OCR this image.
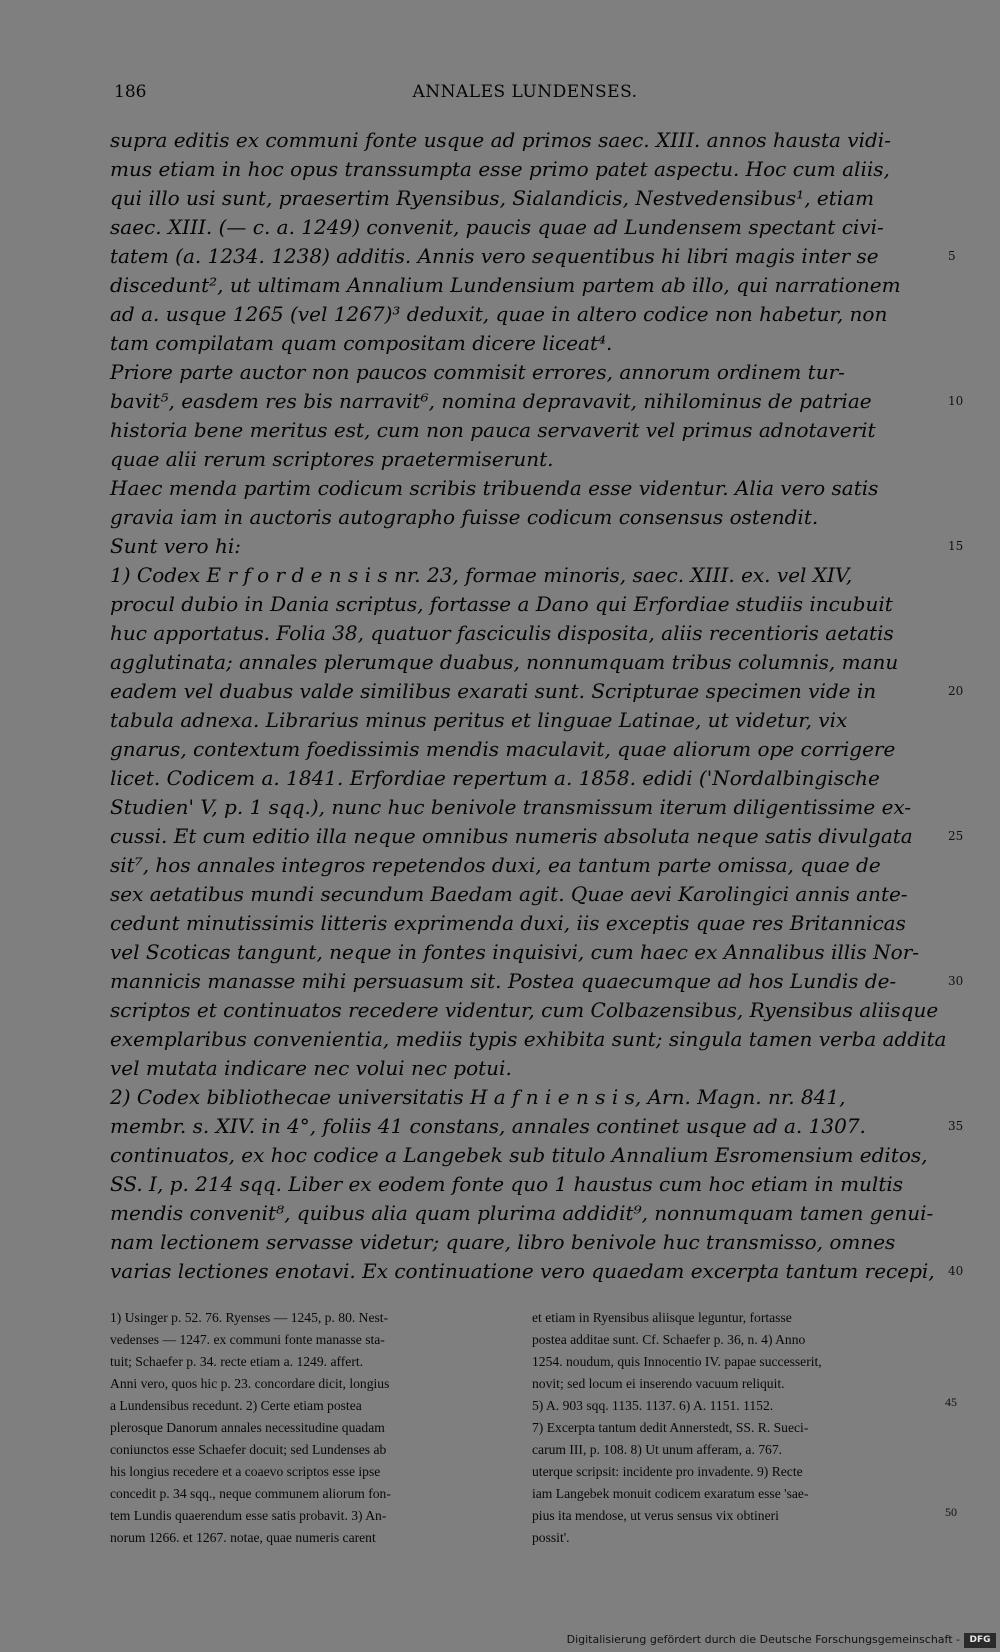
186	ANNALES LUNDENSES.
supra editis ex communi fonte usque ad primos saec. XIII. annos hausta vidi-
mus etiam in hoc opus transsumpta esse primo patet aspectu. Hoc cum aliis,
qui illo usi sunt, praesertim Ryensibus, Sialandicis, Nestvedensibus¹, etiam
saec. XIII. (— c. a. 1249) convenit, paucis quae ad Lundensem spectant civi-
tatem (a. 1234. 1238) additis. Annis vero sequentibus hi libri magis inter se	5
discedunt², ut ultimam Annalium Lundensium partem ab illo, qui narrationem
ad a. usque 1265 (vel 1267)³ deduxit, quae in altero codice non habetur, non
tam compilatam quam compositam dicere liceat⁴.
Priore parte auctor non paucos commisit errores, annorum ordinem tur-
bavit⁵, easdem res bis narravit⁶, nomina depravavit, nihilominus de patriae	10
historia bene meritus est, cum non pauca servaverit vel primus adnotaverit
quae alii rerum scriptores praetermiserunt.
Haec menda partim codicum scribis tribuenda esse videntur. Alia vero satis
gravia iam in auctoris autographo fuisse codicum consensus ostendit.
Sunt vero hi:	15
1) Codex E r f o r d e n s i s nr. 23, formae minoris, saec. XIII. ex. vel XIV,
procul dubio in Dania scriptus, fortasse a Dano qui Erfordiae studiis incubuit
huc apportatus. Folia 38, quatuor fasciculis disposita, aliis recentioris aetatis
agglutinata; annales plerumque duabus, nonnumquam tribus columnis, manu
eadem vel duabus valde similibus exarati sunt. Scripturae specimen vide in	20
tabula adnexa. Librarius minus peritus et linguae Latinae, ut videtur, vix
gnarus, contextum foedissimis mendis maculavit, quae aliorum ope corrigere
licet. Codicem a. 1841. Erfordiae repertum a. 1858. edidi ('Nordalbingische
Studien' V, p. 1 sqq.), nunc huc benivole transmissum iterum diligentissime ex-
cussi. Et cum editio illa neque omnibus numeris absoluta neque satis divulgata	25
sit⁷, hos annales integros repetendos duxi, ea tantum parte omissa, quae de
sex aetatibus mundi secundum Baedam agit. Quae aevi Karolingici annis ante-
cedunt minutissimis litteris exprimenda duxi, iis exceptis quae res Britannicas
vel Scoticas tangunt, neque in fontes inquisivi, cum haec ex Annalibus illis Nor-
mannicis manasse mihi persuasum sit. Postea quaecumque ad hos Lundis de-	30
scriptos et continuatos recedere videntur, cum Colbazensibus, Ryensibus aliisque
exemplaribus convenientia, mediis typis exhibita sunt; singula tamen verba addita
vel mutata indicare nec volui nec potui.
2) Codex bibliothecae universitatis H a f n i e n s i s, Arn. Magn. nr. 841,
membr. s. XIV. in 4°, foliis 41 constans, annales continet usque ad a. 1307.	35
continuatos, ex hoc codice a Langebek sub titulo Annalium Esromensium editos,
SS. I, p. 214 sqq. Liber ex eodem fonte quo 1 haustus cum hoc etiam in multis
mendis convenit⁸, quibus alia quam plurima addidit⁹, nonnumquam tamen genui-
nam lectionem servasse videtur; quare, libro benivole huc transmisso, omnes
varias lectiones enotavi. Ex continuatione vero quaedam excerpta tantum recepi, 40
1) Usinger p. 52. 76. Ryenses — 1245, p. 80. Nest-
vedenses — 1247. ex communi fonte manasse sta-
tuit; Schaefer p. 34. recte etiam a. 1249. affert.
Anni vero, quos hic p. 23. concordare dicit, longius
a Lundensibus recedunt. 2) Certe etiam postea
plerosque Danorum annales necessitudine quadam
coniunctos esse Schaefer docuit; sed Lundenses ab
his longius recedere et a coaevo scriptos esse ipse
concedit p. 34 sqq., neque communem aliorum fon-
tem Lundis quaerendum esse satis probavit. 3) An-
norum 1266. et 1267. notae, quae numeris carent
et etiam in Ryensibus aliisque leguntur, fortasse
postea additae sunt. Cf. Schaefer p. 36, n. 4) Anno
1254. noudum, quis Innocentio IV. papae successerit,
novit; sed locum ei inserendo vacuum reliquit.
5) A. 903 sqq. 1135. 1137. 6) A. 1151. 1152.
7) Excerpta tantum dedit Annerstedt, SS. R. Sueci-
carum III, p. 108. 8) Ut unum afferam, a. 767.
uterque scripsit: incidente pro invadente. 9) Recte
iam Langebek monuit codicem exaratum esse 'sae-
pius ita mendose, ut verus sensus vix obtineri
possit'.
45
50
Digitalisierung gefördert durch die Deutsche Forschungsgemeinschaft -	DFG
